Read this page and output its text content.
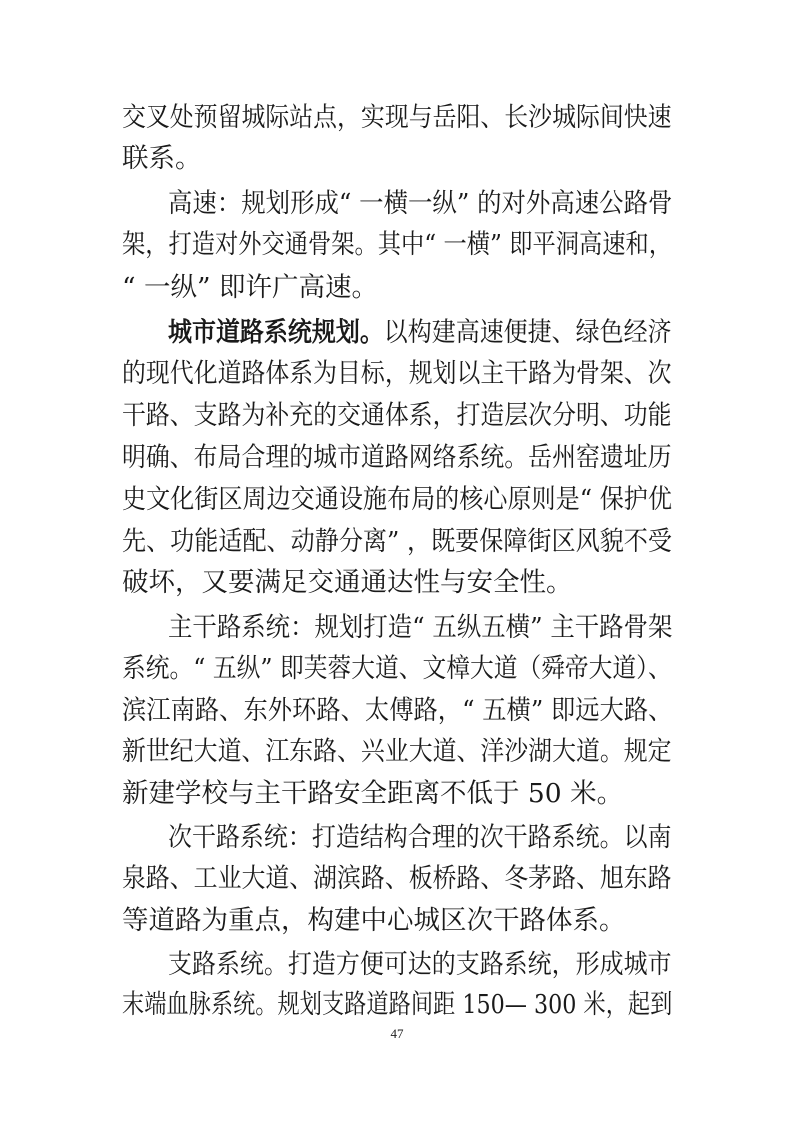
交叉处预留城际站点，实现与岳阳、长沙城际间快速
联系。
高速：规划形成“ 一横一纵” 的对外高速公路骨
架，打造对外交通骨架。其中“ 一横” 即平洞高速和，
“ 一纵” 即许广高速。
城市道路系统规划。以构建高速便捷、绿色经济
的现代化道路体系为目标，规划以主干路为骨架、次
干路、支路为补充的交通体系，打造层次分明、功能
明确、布局合理的城市道路网络系统。岳州窑遗址历
史文化街区周边交通设施布局的核心原则是“ 保护优
先、功能适配、动静分离” ，既要保障街区风貌不受
破坏，又要满足交通通达性与安全性。
主干路系统：规划打造“ 五纵五横” 主干路骨架
系统。“ 五纵” 即芙蓉大道、文樟大道（舜帝大道）、
滨江南路、东外环路、太傅路，“ 五横” 即远大路、
新世纪大道、江东路、兴业大道、洋沙湖大道。规定
新建学校与主干路安全距离不低于 50 米。
次干路系统：打造结构合理的次干路系统。以南
泉路、工业大道、湖滨路、板桥路、冬茅路、旭东路
等道路为重点，构建中心城区次干路体系。
支路系统。打造方便可达的支路系统，形成城市
末端血脉系统。规划支路道路间距 150— 300 米，起到
47
